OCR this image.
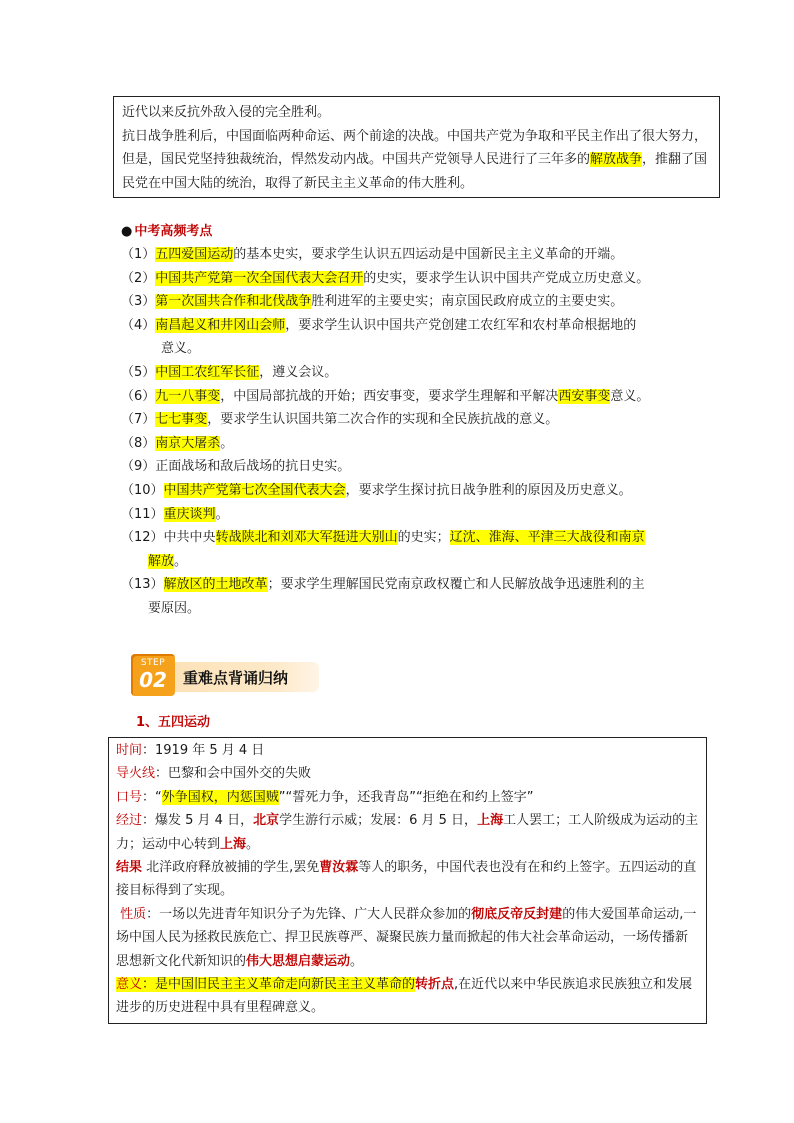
近代以来反抗外敌入侵的完全胜利。

抗日战争胜利后，中国面临两种命运、两个前途的决战。中国共产党为争取和平民主作出了很大努力，但是，国民党坚持独裁统治，悍然发动内战。中国共产党领导人民进行了三年多的解放战争，推翻了国民党在中国大陆的统治，取得了新民主主义革命的伟大胜利。

● 中考高频考点
（1）五四爱国运动的基本史实，要求学生认识五四运动是中国新民主主义革命的开端。
（2）中国共产党第一次全国代表大会召开的史实，要求学生认识中国共产党成立历史意义。
（3）第一次国共合作和北伐战争胜利进军的主要史实；南京国民政府成立的主要史实。
（4）南昌起义和井冈山会师，要求学生认识中国共产党创建工农红军和农村革命根据地的
意义。
（5）中国工农红军长征，遵义会议。
（6）九一八事变，中国局部抗战的开始；西安事变，要求学生理解和平解决西安事变意义。
（7）七七事变，要求学生认识国共第二次合作的实现和全民族抗战的意义。
（8）南京大屠杀。
（9）正面战场和敌后战场的抗日史实。
（10）中国共产党第七次全国代表大会，要求学生探讨抗日战争胜利的原因及历史意义。
（11）重庆谈判。
（12）中共中央转战陕北和刘邓大军挺进大别山的史实；辽沈、淮海、平津三大战役和南京
解放。
（13）解放区的土地改革；要求学生理解国民党南京政权覆亡和人民解放战争迅速胜利的主
要原因。
STEP
02	重难点背诵归纳
1、五四运动

时间：1919 年 5 月 4 日

导火线：巴黎和会中国外交的失败

口号：“外争国权，内惩国贼”“誓死力争，还我青岛”“拒绝在和约上签字”

经过：爆发 5 月 4 日，北京学生游行示威；发展：6 月 5 日，上海工人罢工；工人阶级成为运动的主力；运动中心转到上海。

结果 北洋政府释放被捕的学生,罢免曹汝霖等人的职务，中国代表也没有在和约上签字。五四运动的直接目标得到了实现。

性质：一场以先进青年知识分子为先锋、广大人民群众参加的彻底反帝反封建的伟大爱国革命运动,一场中国人民为拯救民族危亡、捍卫民族尊严、凝聚民族力量而掀起的伟大社会革命运动，一场传播新思想新文化代新知识的伟大思想启蒙运动。

意义：是中国旧民主主义革命走向新民主主义革命的转折点,在近代以来中华民族追求民族独立和发展进步的历史进程中具有里程碑意义。
